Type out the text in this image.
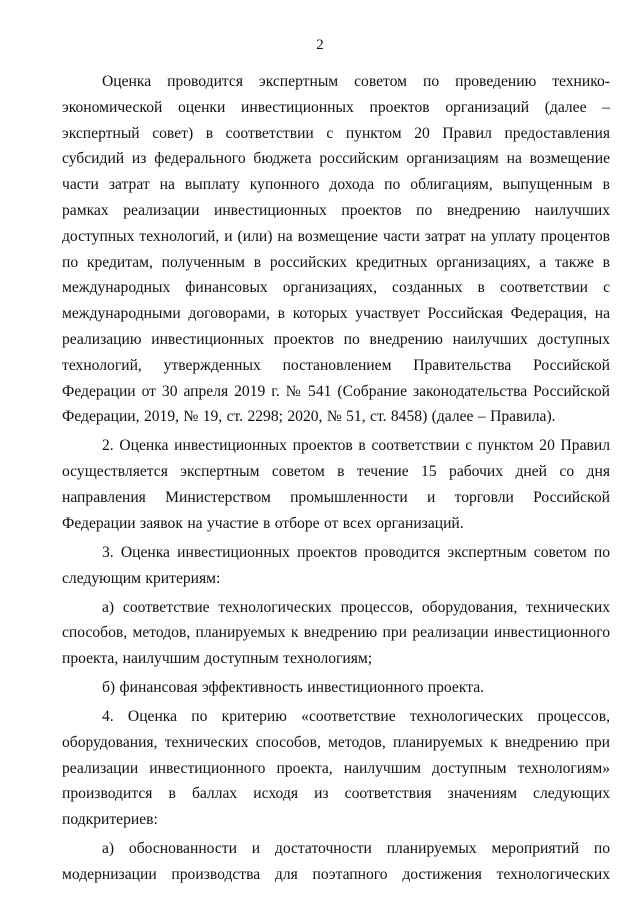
2

Оценка проводится экспертным советом по проведению технико-экономической оценки инвестиционных проектов организаций (далее – экспертный совет) в соответствии с пунктом 20 Правил предоставления субсидий из федерального бюджета российским организациям на возмещение части затрат на выплату купонного дохода по облигациям, выпущенным в рамках реализации инвестиционных проектов по внедрению наилучших доступных технологий, и (или) на возмещение части затрат на уплату процентов по кредитам, полученным в российских кредитных организациях, а также в международных финансовых организациях, созданных в соответствии с международными договорами, в которых участвует Российская Федерация, на реализацию инвестиционных проектов по внедрению наилучших доступных технологий, утвержденных постановлением Правительства Российской Федерации от 30 апреля 2019 г. № 541 (Собрание законодательства Российской Федерации, 2019, № 19, ст. 2298; 2020, № 51, ст. 8458) (далее – Правила).

2. Оценка инвестиционных проектов в соответствии с пунктом 20 Правил осуществляется экспертным советом в течение 15 рабочих дней со дня направления Министерством промышленности и торговли Российской Федерации заявок на участие в отборе от всех организаций.

3. Оценка инвестиционных проектов проводится экспертным советом по следующим критериям:

а) соответствие технологических процессов, оборудования, технических способов, методов, планируемых к внедрению при реализации инвестиционного проекта, наилучшим доступным технологиям;

б) финансовая эффективность инвестиционного проекта.

4. Оценка по критерию «соответствие технологических процессов, оборудования, технических способов, методов, планируемых к внедрению при реализации инвестиционного проекта, наилучшим доступным технологиям» производится в баллах исходя из соответствия значениям следующих подкритериев:

а) обоснованности и достаточности планируемых мероприятий по модернизации производства для поэтапного достижения технологических
